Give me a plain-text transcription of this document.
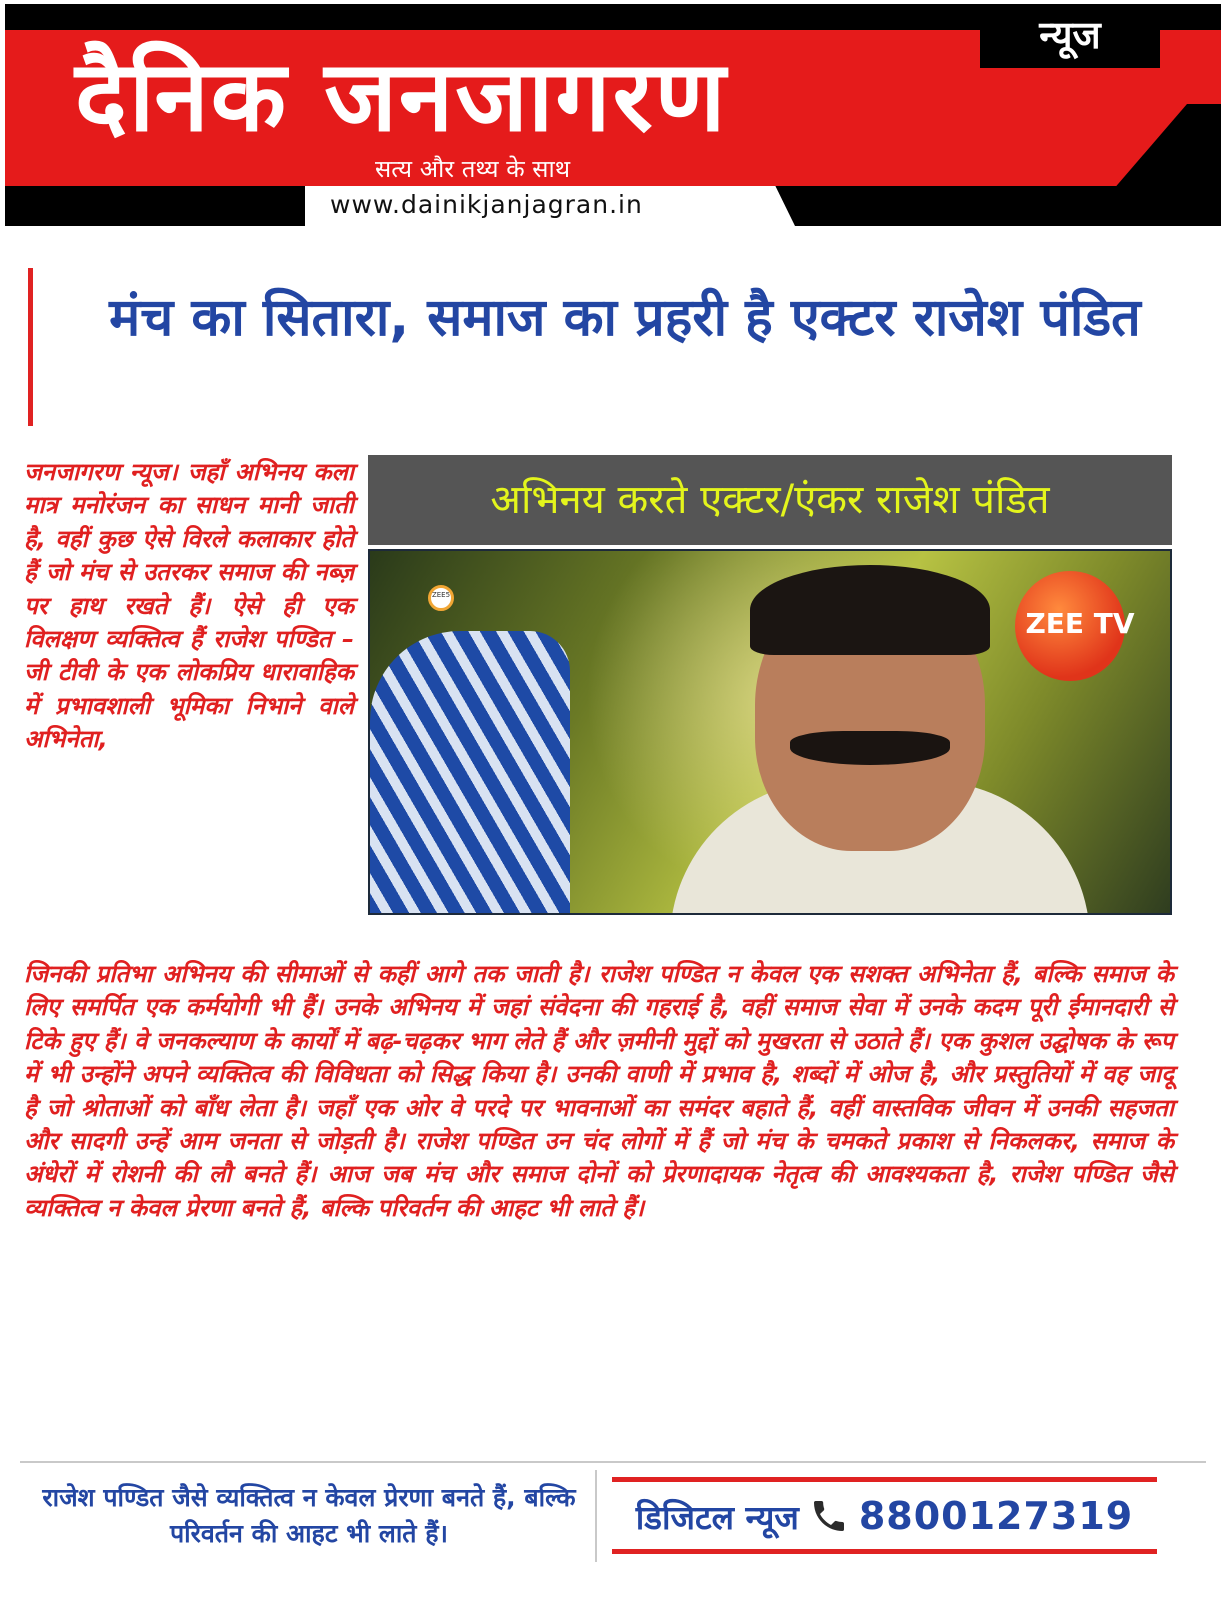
न्यूज
दैनिक जनजागरण
सत्य और तथ्य के साथ
www.dainikjanjagran.in
मंच का सितारा, समाज का प्रहरी है एक्टर राजेश पंडित
अभिनय करते एक्टर/एंकर राजेश पंडित
ZEE TV
ZEE5

जनजागरण न्यूज। जहाँ अभिनय कला मात्र मनोरंजन का साधन मानी जाती है, वहीं कुछ ऐसे विरले कलाकार होते हैं जो मंच से उतरकर समाज की नब्ज़ पर हाथ रखते हैं। ऐसे ही एक विलक्षण व्यक्तित्व हैं राजेश पण्डित – जी टीवी के एक लोकप्रिय धारावाहिक में प्रभावशाली भूमिका निभाने वाले अभिनेता,

जिनकी प्रतिभा अभिनय की सीमाओं से कहीं आगे तक जाती है। राजेश पण्डित न केवल एक सशक्त अभिनेता हैं, बल्कि समाज के लिए समर्पित एक कर्मयोगी भी हैं। उनके अभिनय में जहां संवेदना की गहराई है, वहीं समाज सेवा में उनके कदम पूरी ईमानदारी से टिके हुए हैं। वे जनकल्याण के कार्यों में बढ़-चढ़कर भाग लेते हैं और ज़मीनी मुद्दों को मुखरता से उठाते हैं। एक कुशल उद्घोषक के रूप में भी उन्होंने अपने व्यक्तित्व की विविधता को सिद्ध किया है। उनकी वाणी में प्रभाव है, शब्दों में ओज है, और प्रस्तुतियों में वह जादू है जो श्रोताओं को बाँध लेता है। जहाँ एक ओर वे परदे पर भावनाओं का समंदर बहाते हैं, वहीं वास्तविक जीवन में उनकी सहजता और सादगी उन्हें आम जनता से जोड़ती है। राजेश पण्डित उन चंद लोगों में हैं जो मंच के चमकते प्रकाश से निकलकर, समाज के अंधेरों में रोशनी की लौ बनते हैं। आज जब मंच और समाज दोनों को प्रेरणादायक नेतृत्व की आवश्यकता है, राजेश पण्डित जैसे व्यक्तित्व न केवल प्रेरणा बनते हैं, बल्कि परिवर्तन की आहट भी लाते हैं।

राजेश पण्डित जैसे व्यक्तित्व न केवल प्रेरणा बनते हैं, बल्कि परिवर्तन की आहट भी लाते हैं।	डिजिटल न्यूज 8800127319
